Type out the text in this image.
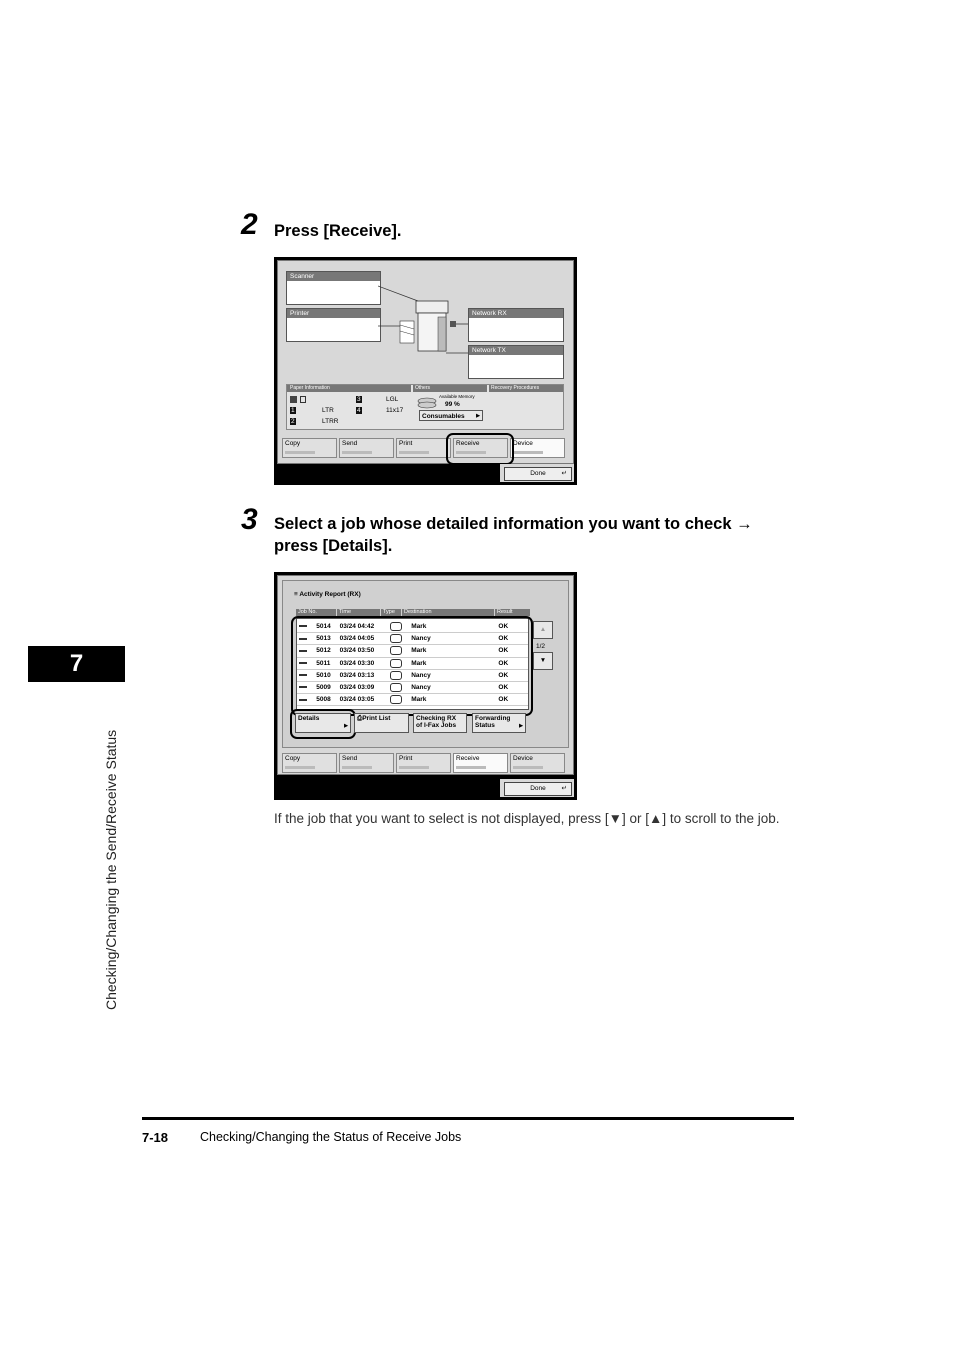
7
Checking/Changing the Send/Receive Status
2 Press [Receive].
Scanner
Printer	Network RX
Network TX
Paper Information	Others	Recovery Procedures
3	LGL
1	LTR	4	11x17
2	LTRR
Available Memory
99 %
Consumables ▶
Copy	Send	Print	Receive	Device
Done ↵
3 Select a job whose detailed information you want to check →
press [Details].
≡ Activity Report (RX)
Job No.	Time	Type	Destination	Result
	5014	03/24 04:42		Mark	OK
	5013	03/24 04:05		Nancy	OK
	5012	03/24 03:50		Mark	OK
	5011	03/24 03:30		Mark	OK
	5010	03/24 03:13		Nancy	OK
	5009	03/24 03:09		Nancy	OK
	5008	03/24 03:05		Mark	OK
▲
1/2
▼
Details
▶
⎙Print List	Checking RX
of I-Fax Jobs
Forwarding
Status	▶
Copy	Send	Print	Receive	Device
Done ↵
If the job that you want to select is not displayed, press [▼] or [▲] to scroll to the job.
7-18	Checking/Changing the Status of Receive Jobs
